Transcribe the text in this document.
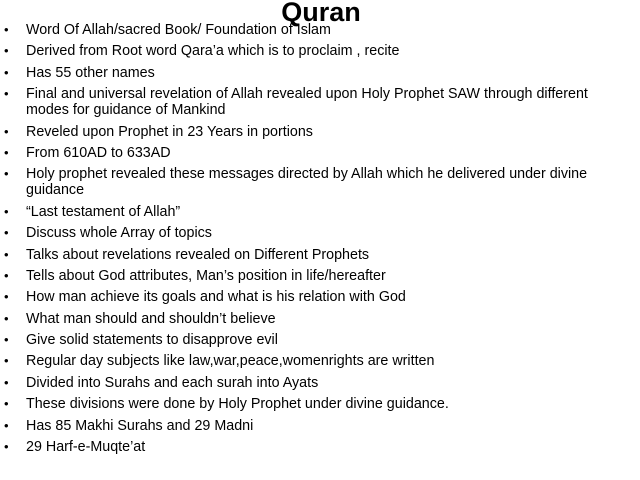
Quran
•	Word Of Allah/sacred Book/ Foundation of Islam
•	Derived from Root word Qara’a which is to proclaim , recite
•	Has 55 other names
•	Final and universal revelation of Allah revealed upon Holy Prophet SAW through different modes for guidance of Mankind
•	Reveled upon Prophet in 23 Years in portions
•	From 610AD to 633AD
•	Holy prophet revealed these messages directed by Allah which he delivered under divine guidance
•	“Last testament of Allah”
•	Discuss whole Array of topics
•	Talks about revelations revealed on Different Prophets
•	Tells about God attributes, Man’s position in life/hereafter
•	How man achieve its goals and what is his relation with God
•	What man should and shouldn’t believe
•	Give solid statements to disapprove evil
•	Regular day subjects like law,war,peace,womenrights are written
•	Divided into Surahs and each surah into Ayats
•	These divisions were done by Holy Prophet under divine guidance.
•	Has 85 Makhi Surahs and 29 Madni
•	29 Harf-e-Muqte’at
